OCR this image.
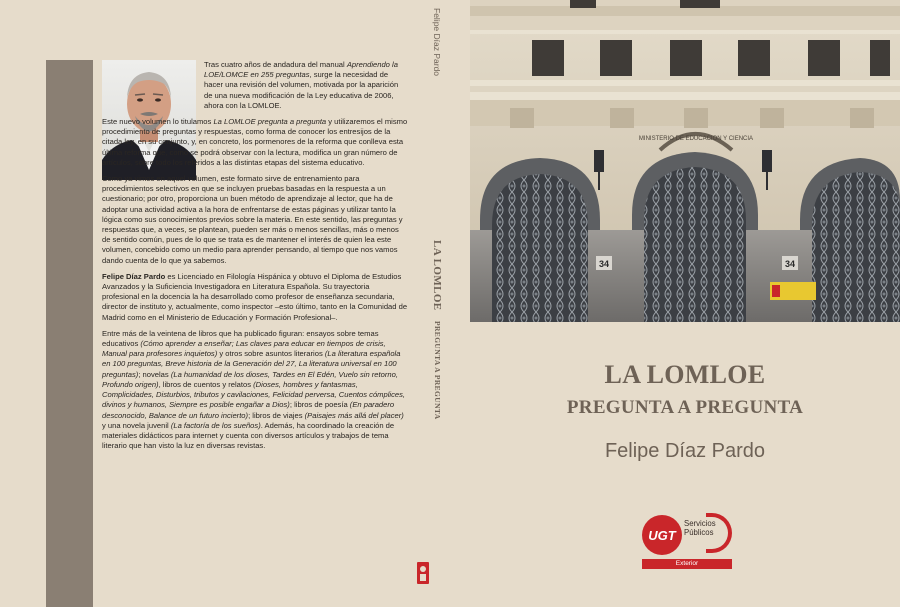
Tras cuatro años de andadura del manual Aprendiendo la LOE/LOMCE en 255 preguntas, surge la necesidad de hacer una revisión del volumen, motivada por la aparición de una nueva modificación de la Ley educativa de 2006, ahora con la LOMLOE.

Este nuevo volumen lo titulamos La LOMLOE pregunta a pregunta y utilizaremos el mismo procedimiento de preguntas y respuestas, como forma de conocer los entresijos de la citada ley, en su conjunto, y, en concreto, los pormenores de la reforma que conlleva esta última reforma que, como se podrá observar con la lectura, modifica un gran número de artículos, sobre todo los referidos a las distintas etapas del sistema educativo.

Como ya vimos en aquel volumen, este formato sirve de entrenamiento para procedimientos selectivos en que se incluyen pruebas basadas en la respuesta a un cuestionario; por otro, proporciona un buen método de aprendizaje al lector, que ha de adoptar una actividad activa a la hora de enfrentarse de estas páginas y utilizar tanto la lógica como sus conocimientos previos sobre la materia. En este sentido, las preguntas y respuestas que, a veces, se plantean, pueden ser más o menos sencillas, más o menos de sentido común, pues de lo que se trata es de mantener el interés de quien lea este volumen, concebido como un medio para aprender pensando, al tiempo que nos vamos dando cuenta de lo que ya sabemos.

Felipe Díaz Pardo es Licenciado en Filología Hispánica y obtuvo el Diploma de Estudios Avanzados y la Suficiencia Investigadora en Literatura Española. Su trayectoria profesional en la docencia la ha desarrollado como profesor de enseñanza secundaria, director de instituto y, actualmente, como inspector –esto último, tanto en la Comunidad de Madrid como en el Ministerio de Educación y Formación Profesional–.

Entre más de la veintena de libros que ha publicado figuran: ensayos sobre temas educativos (Cómo aprender a enseñar; Las claves para educar en tiempos de crisis, Manual para profesores inquietos) y otros sobre asuntos literarios (La literatura española en 100 preguntas, Breve historia de la Generación del 27, La literatura universal en 100 preguntas); novelas (La humanidad de los dioses, Tardes en El Edén, Vuelo sin retorno, Profundo origen), libros de cuentos y relatos (Dioses, hombres y fantasmas, Complicidades, Disturbios, tributos y cavilaciones, Felicidad perversa, Cuentos cómplices, divinos y humanos, Siempre es posible engañar a Dios); libros de poesía (En paradero desconocido, Balance de un futuro incierto); libros de viajes (Paisajes más allá del placer) y una novela juvenil (La factoría de los sueños). Además, ha coordinado la creación de materiales didácticos para internet y cuenta con diversos artículos y trabajos de tema literario que han visto la luz en diversas revistas.

Felipe Díaz Pardo
LA LOMLOE PREGUNTA A PREGUNTA
MINISTERIO DE EDUCACION Y CIENCIA
34	34
LA LOMLOE
PREGUNTA A PREGUNTA

Felipe Díaz Pardo

UGT
Servicios
Públicos
Exterior
